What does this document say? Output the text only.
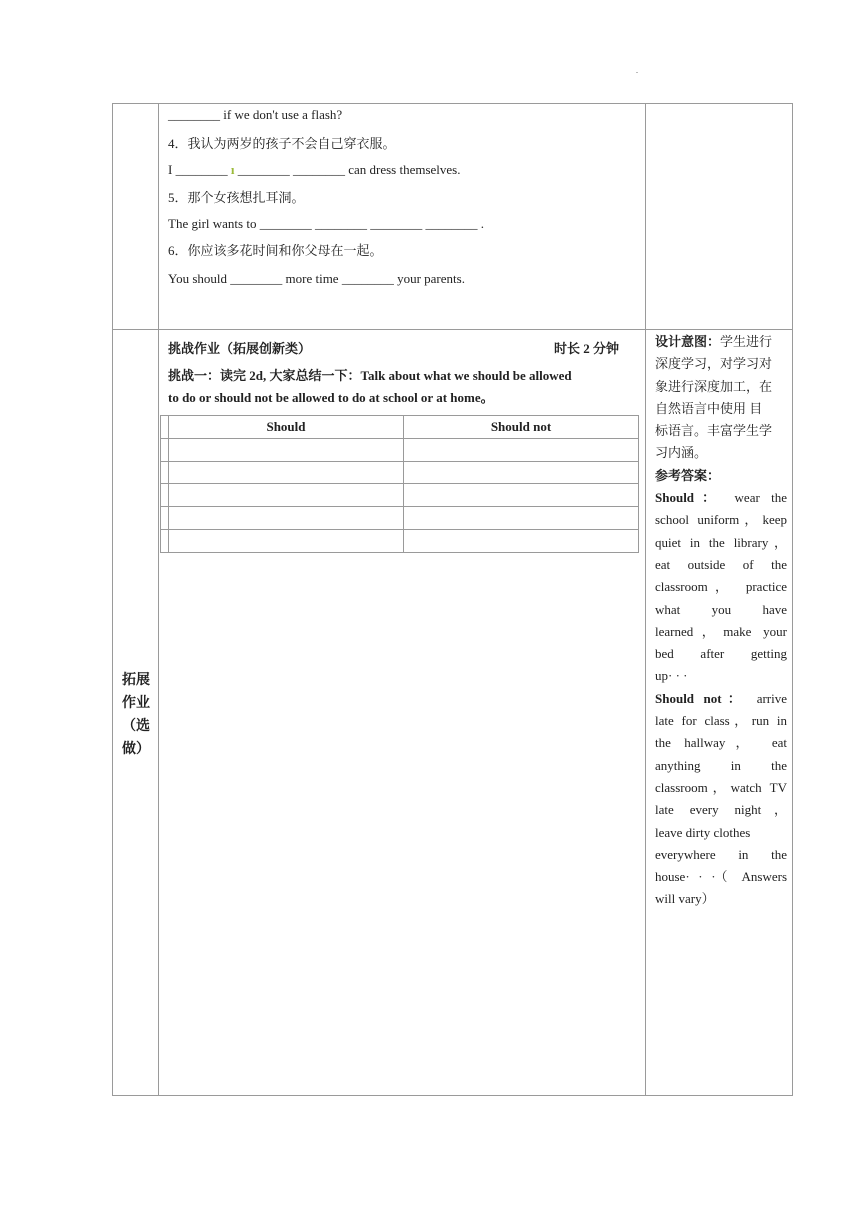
________ if we don't use a flash?
4．我认为两岁的孩子不会自己穿衣服。
I ________ ı ________ ________ can dress themselves.
5．那个女孩想扎耳洞。
The girl wants to ________ ________ ________ ________ .
6．你应该多花时间和你父母在一起。
You should ________ more time ________ your parents.
拓展
作业
（选
做）
挑战作业（拓展创新类）	时长 2 分钟
挑战一：读完 2d, 大家总结一下：Talk about what we should be allowed
to do or should not be allowed to do at school or at home。
	Should	Should not

设计意图：学生进行

深度学习，对学习对

象进行深度加工，在

自然语言中使用 目

标语言。丰富学生学

习内涵。

参考答案：

Should： wear the

school uniform，keep

quiet in the library，

eat outside of the

classroom， practice

what you have

learned，make your

bed after getting

up· · ·

Should not： arrive

late for class，run in

the hallway， eat

anything in the

classroom，watch TV

late every night，

leave dirty clothes

everywhere in the

house· · ·（ Answers

will vary）
